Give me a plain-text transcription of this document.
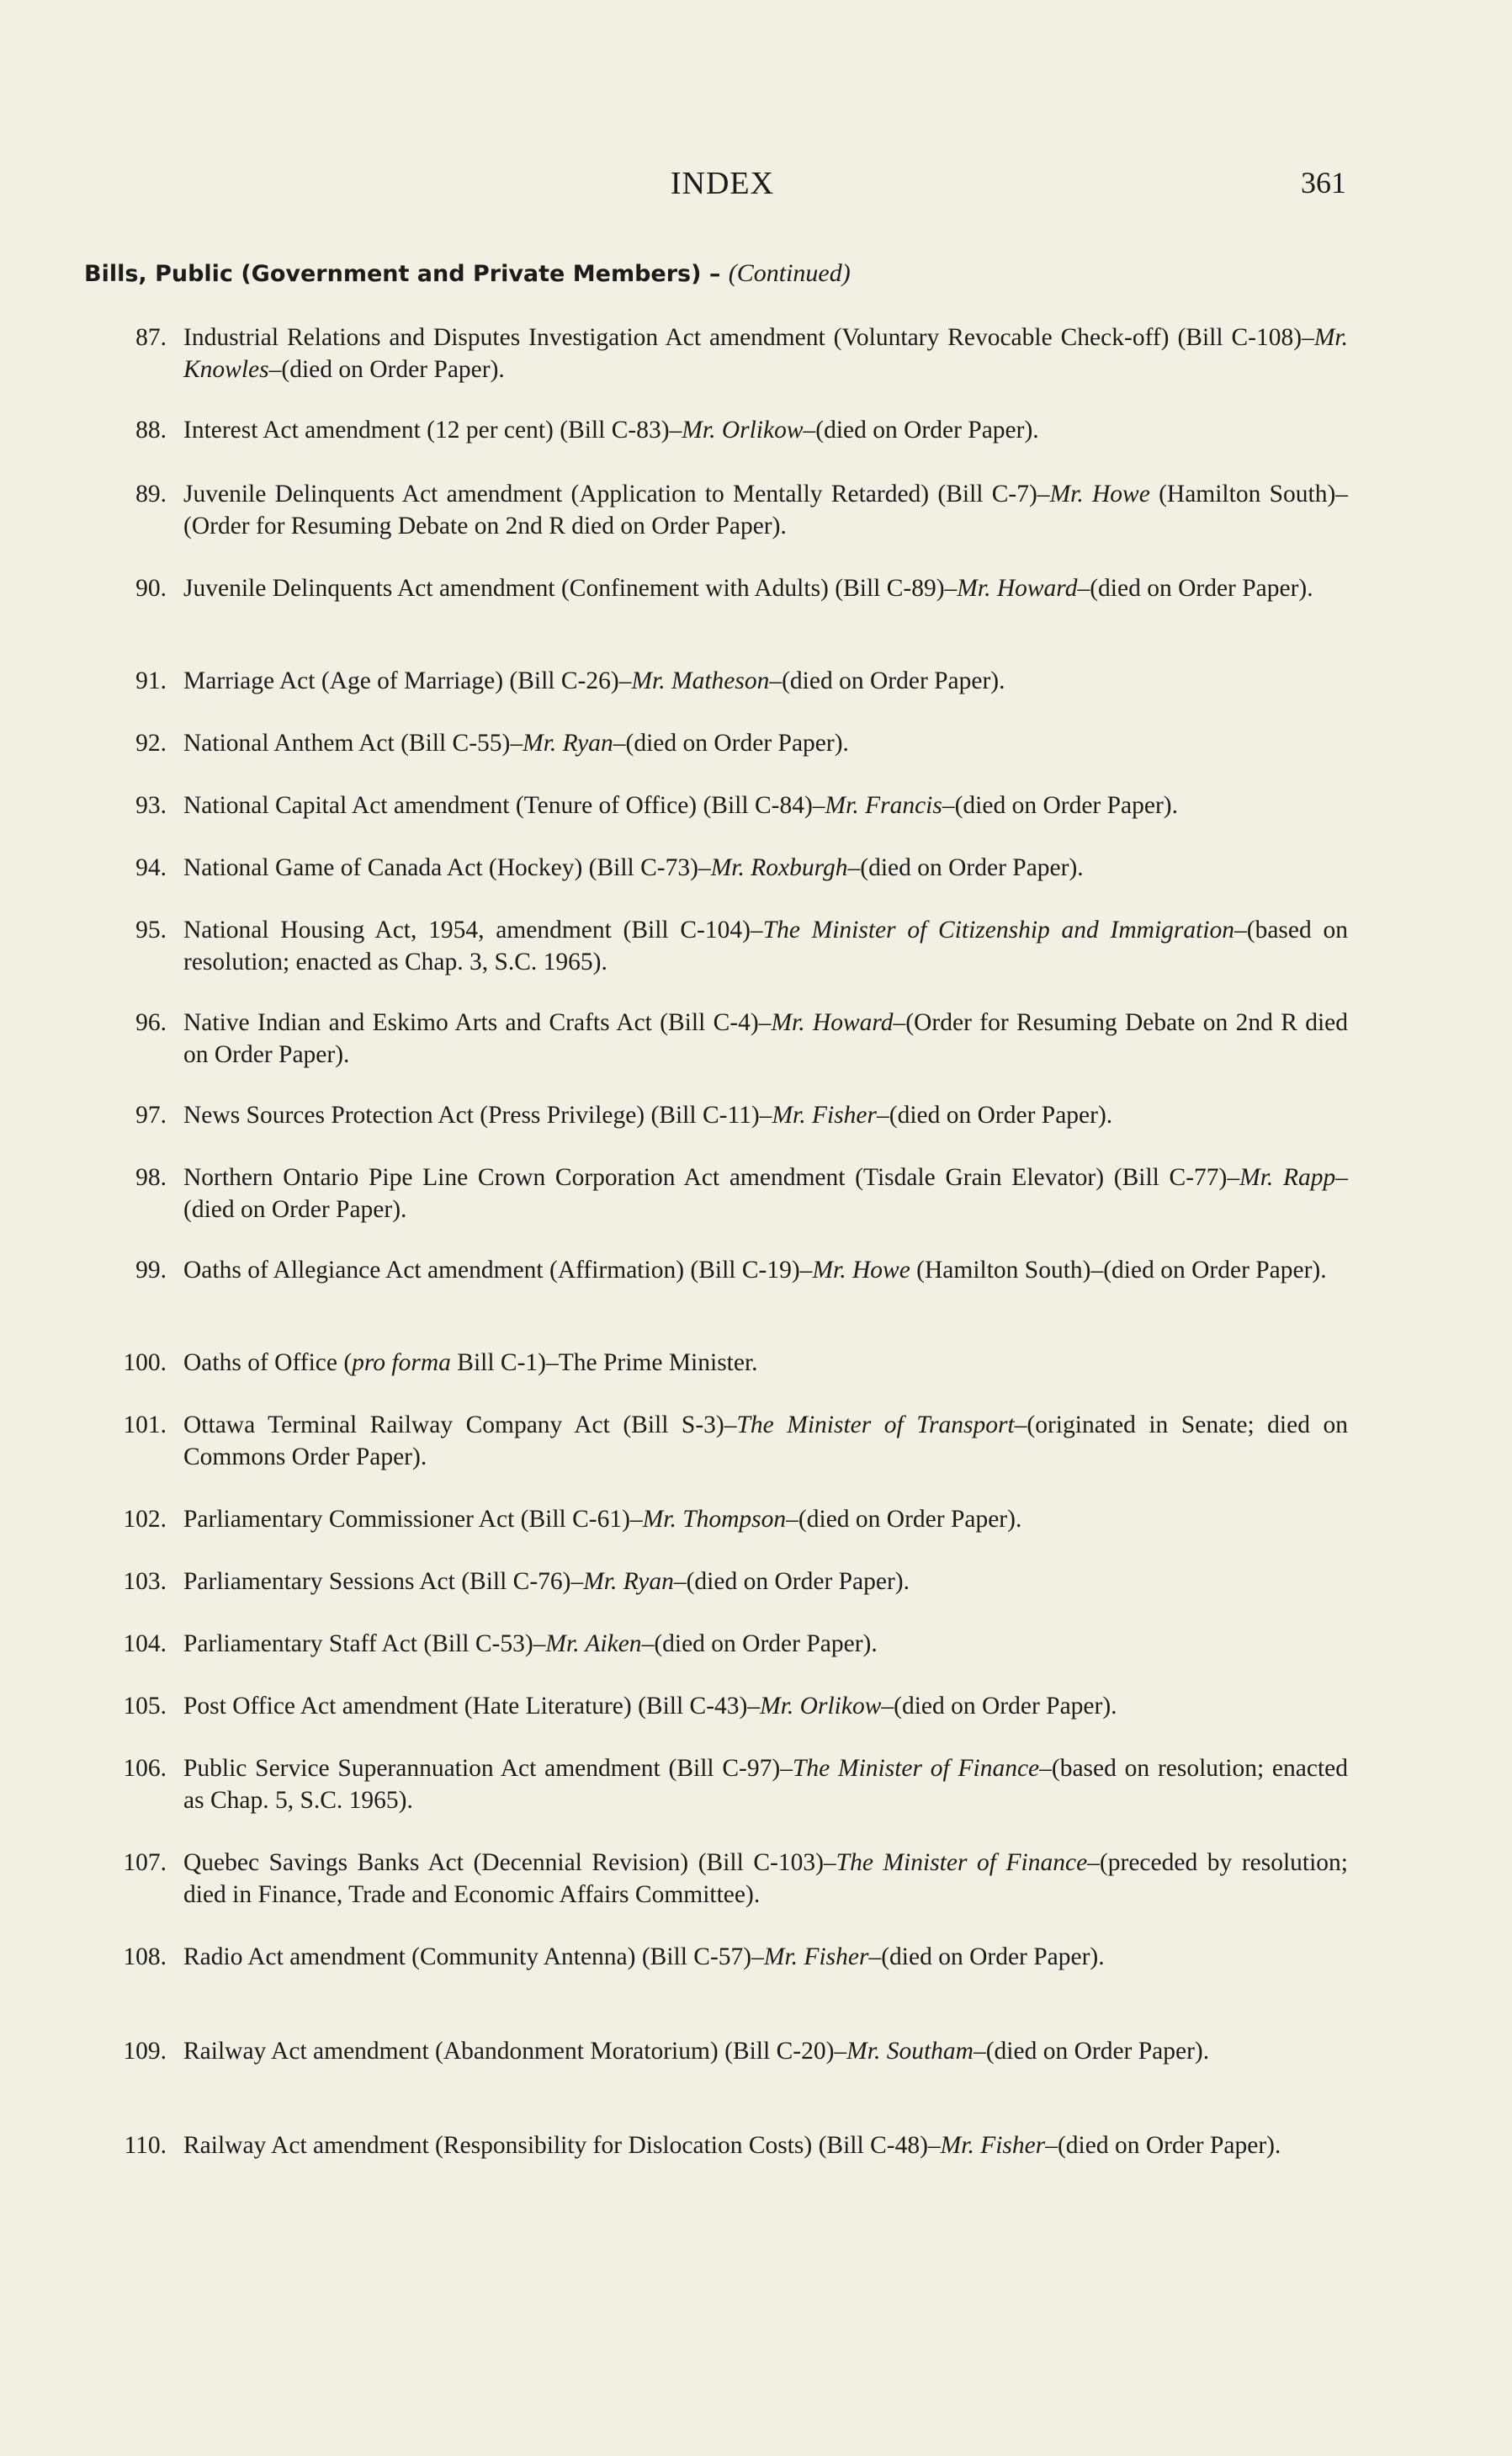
INDEX	361
Bills, Public (Government and Private Members) – (Continued)
87. Industrial Relations and Disputes Investigation Act amendment (Voluntary Revocable Check-off) (Bill C-108)–Mr. Knowles–(died on Order Paper).
88. Interest Act amendment (12 per cent) (Bill C-83)–Mr. Orlikow–(died on Order Paper).
89. Juvenile Delinquents Act amendment (Application to Mentally Retarded) (Bill C-7)–Mr. Howe (Hamilton South)–(Order for Resuming Debate on 2nd R died on Order Paper).
90. Juvenile Delinquents Act amendment (Confinement with Adults) (Bill C-89)–Mr. Howard–(died on Order Paper).
91. Marriage Act (Age of Marriage) (Bill C-26)–Mr. Matheson–(died on Order Paper).
92. National Anthem Act (Bill C-55)–Mr. Ryan–(died on Order Paper).
93. National Capital Act amendment (Tenure of Office) (Bill C-84)–Mr. Francis–(died on Order Paper).
94. National Game of Canada Act (Hockey) (Bill C-73)–Mr. Roxburgh–(died on Order Paper).
95. National Housing Act, 1954, amendment (Bill C-104)–The Minister of Citizenship and Immigration–(based on resolution; enacted as Chap. 3, S.C. 1965).
96. Native Indian and Eskimo Arts and Crafts Act (Bill C-4)–Mr. Howard–(Order for Resuming Debate on 2nd R died on Order Paper).
97. News Sources Protection Act (Press Privilege) (Bill C-11)–Mr. Fisher–(died on Order Paper).
98. Northern Ontario Pipe Line Crown Corporation Act amendment (Tisdale Grain Elevator) (Bill C-77)–Mr. Rapp–(died on Order Paper).
99. Oaths of Allegiance Act amendment (Affirmation) (Bill C-19)–Mr. Howe (Hamilton South)–(died on Order Paper).
100. Oaths of Office (pro forma Bill C-1)–The Prime Minister.
101. Ottawa Terminal Railway Company Act (Bill S-3)–The Minister of Transport–(originated in Senate; died on Commons Order Paper).
102. Parliamentary Commissioner Act (Bill C-61)–Mr. Thompson–(died on Order Paper).
103. Parliamentary Sessions Act (Bill C-76)–Mr. Ryan–(died on Order Paper).
104. Parliamentary Staff Act (Bill C-53)–Mr. Aiken–(died on Order Paper).
105. Post Office Act amendment (Hate Literature) (Bill C-43)–Mr. Orlikow–(died on Order Paper).
106. Public Service Superannuation Act amendment (Bill C-97)–The Minister of Finance–(based on resolution; enacted as Chap. 5, S.C. 1965).
107. Quebec Savings Banks Act (Decennial Revision) (Bill C-103)–The Minister of Finance–(preceded by resolution; died in Finance, Trade and Economic Affairs Committee).
108. Radio Act amendment (Community Antenna) (Bill C-57)–Mr. Fisher–(died on Order Paper).
109. Railway Act amendment (Abandonment Moratorium) (Bill C-20)–Mr. Southam–(died on Order Paper).
110. Railway Act amendment (Responsibility for Dislocation Costs) (Bill C-48)–Mr. Fisher–(died on Order Paper).
